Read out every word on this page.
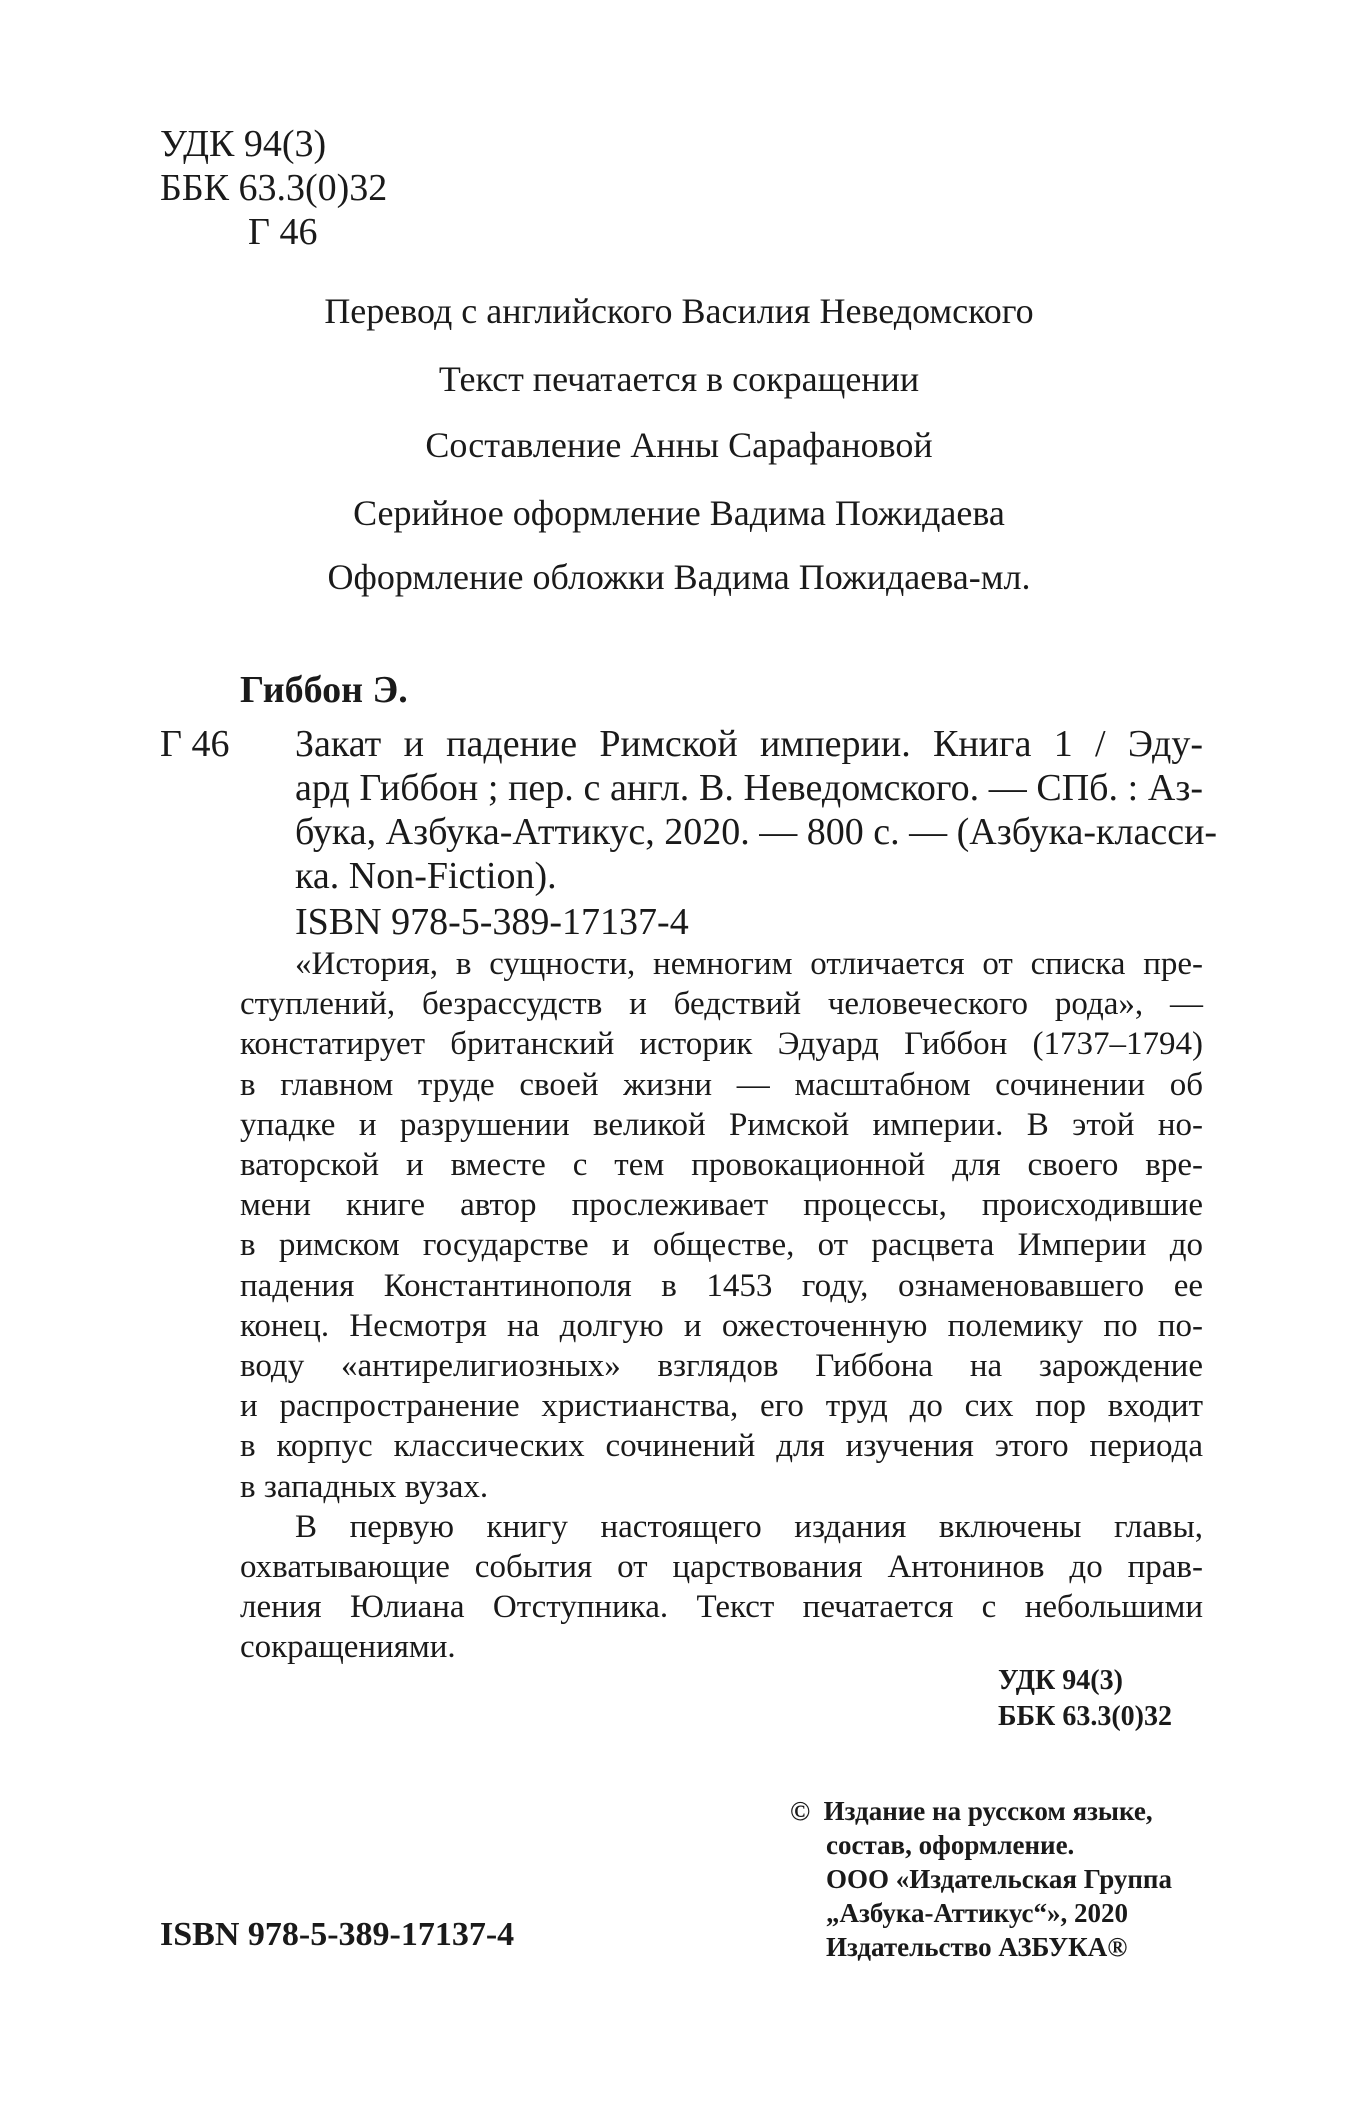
УДК 94(3)
ББК 63.3(0)32
Г 46
Перевод с английского Василия Неведомского
Текст печатается в сокращении
Составление Анны Сарафановой
Серийное оформление Вадима Пожидаева
Оформление обложки Вадима Пожидаева-мл.
Гиббон Э.
Г 46 Закат и падение Римской империи. Книга 1 / Эду-
ард Гиббон ; пер. с англ. В. Неведомского. — СПб. : Аз-
бука, Азбука-Аттикус, 2020. — 800 с. — (Азбука-класси-
ка. Non-Fiction).
ISBN 978-5-389-17137-4
«История, в сущности, немногим отличается от списка пре-
ступлений, безрассудств и бедствий человеческого рода», —
констатирует британский историк Эдуард Гиббон (1737–1794)
в главном труде своей жизни — масштабном сочинении об
упадке и разрушении великой Римской империи. В этой но-
ваторской и вместе с тем провокационной для своего вре-
мени книге автор прослеживает процессы, происходившие
в римском государстве и обществе, от расцвета Империи до
падения Константинополя в 1453 году, ознаменовавшего ее
конец. Несмотря на долгую и ожесточенную полемику по по-
воду «антирелигиозных» взглядов Гиббона на зарождение
и распространение христианства, его труд до сих пор входит
в корпус классических сочинений для изучения этого периода
в западных вузах.
В первую книгу настоящего издания включены главы,
охватывающие события от царствования Антонинов до прав-
ления Юлиана Отступника. Текст печатается с небольшими
сокращениями.
УДК 94(3)
ББК 63.3(0)32
© Издание на русском языке,
состав, оформление.
ООО «Издательская Группа
„Азбука-Аттикус“», 2020
Издательство АЗБУКА®
ISBN 978-5-389-17137-4
